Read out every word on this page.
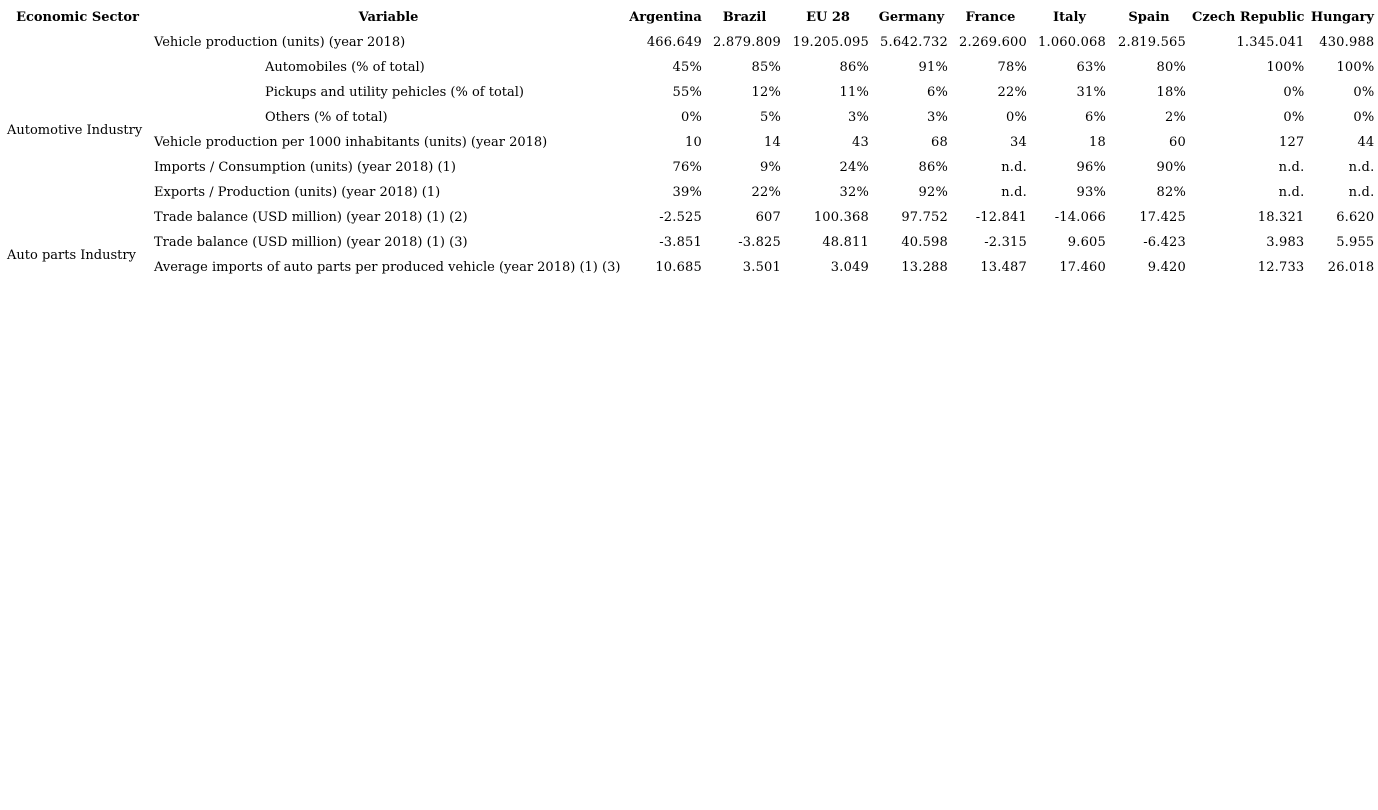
Economic Sector	Variable	Argentina	Brazil	EU 28	Germany	France	Italy	Spain	Czech Republic	Hungary
Automotive Industry	Vehicle production (units) (year 2018)	466.649	2.879.809	19.205.095	5.642.732	2.269.600	1.060.068	2.819.565	1.345.041	430.988
	Automobiles (% of total)	45%	85%	86%	91%	78%	63%	80%	100%	100%
	Pickups and utility pehicles (% of total)	55%	12%	11%	6%	22%	31%	18%	0%	0%
	Others (% of total)	0%	5%	3%	3%	0%	6%	2%	0%	0%
	Vehicle production per 1000 inhabitants (units) (year 2018)	10	14	43	68	34	18	60	127	44
	Imports / Consumption (units) (year 2018) (1)	76%	9%	24%	86%	n.d.	96%	90%	n.d.	n.d.
	Exports / Production (units) (year 2018) (1)	39%	22%	32%	92%	n.d.	93%	82%	n.d.	n.d.
	Trade balance (USD million) (year 2018) (1) (2)	-2.525	607	100.368	97.752	-12.841	-14.066	17.425	18.321	6.620
Auto parts Industry	Trade balance (USD million) (year 2018) (1) (3)	-3.851	-3.825	48.811	40.598	-2.315	9.605	-6.423	3.983	5.955
	Average imports of auto parts per produced vehicle (year 2018) (1) (3)	10.685	3.501	3.049	13.288	13.487	17.460	9.420	12.733	26.018
